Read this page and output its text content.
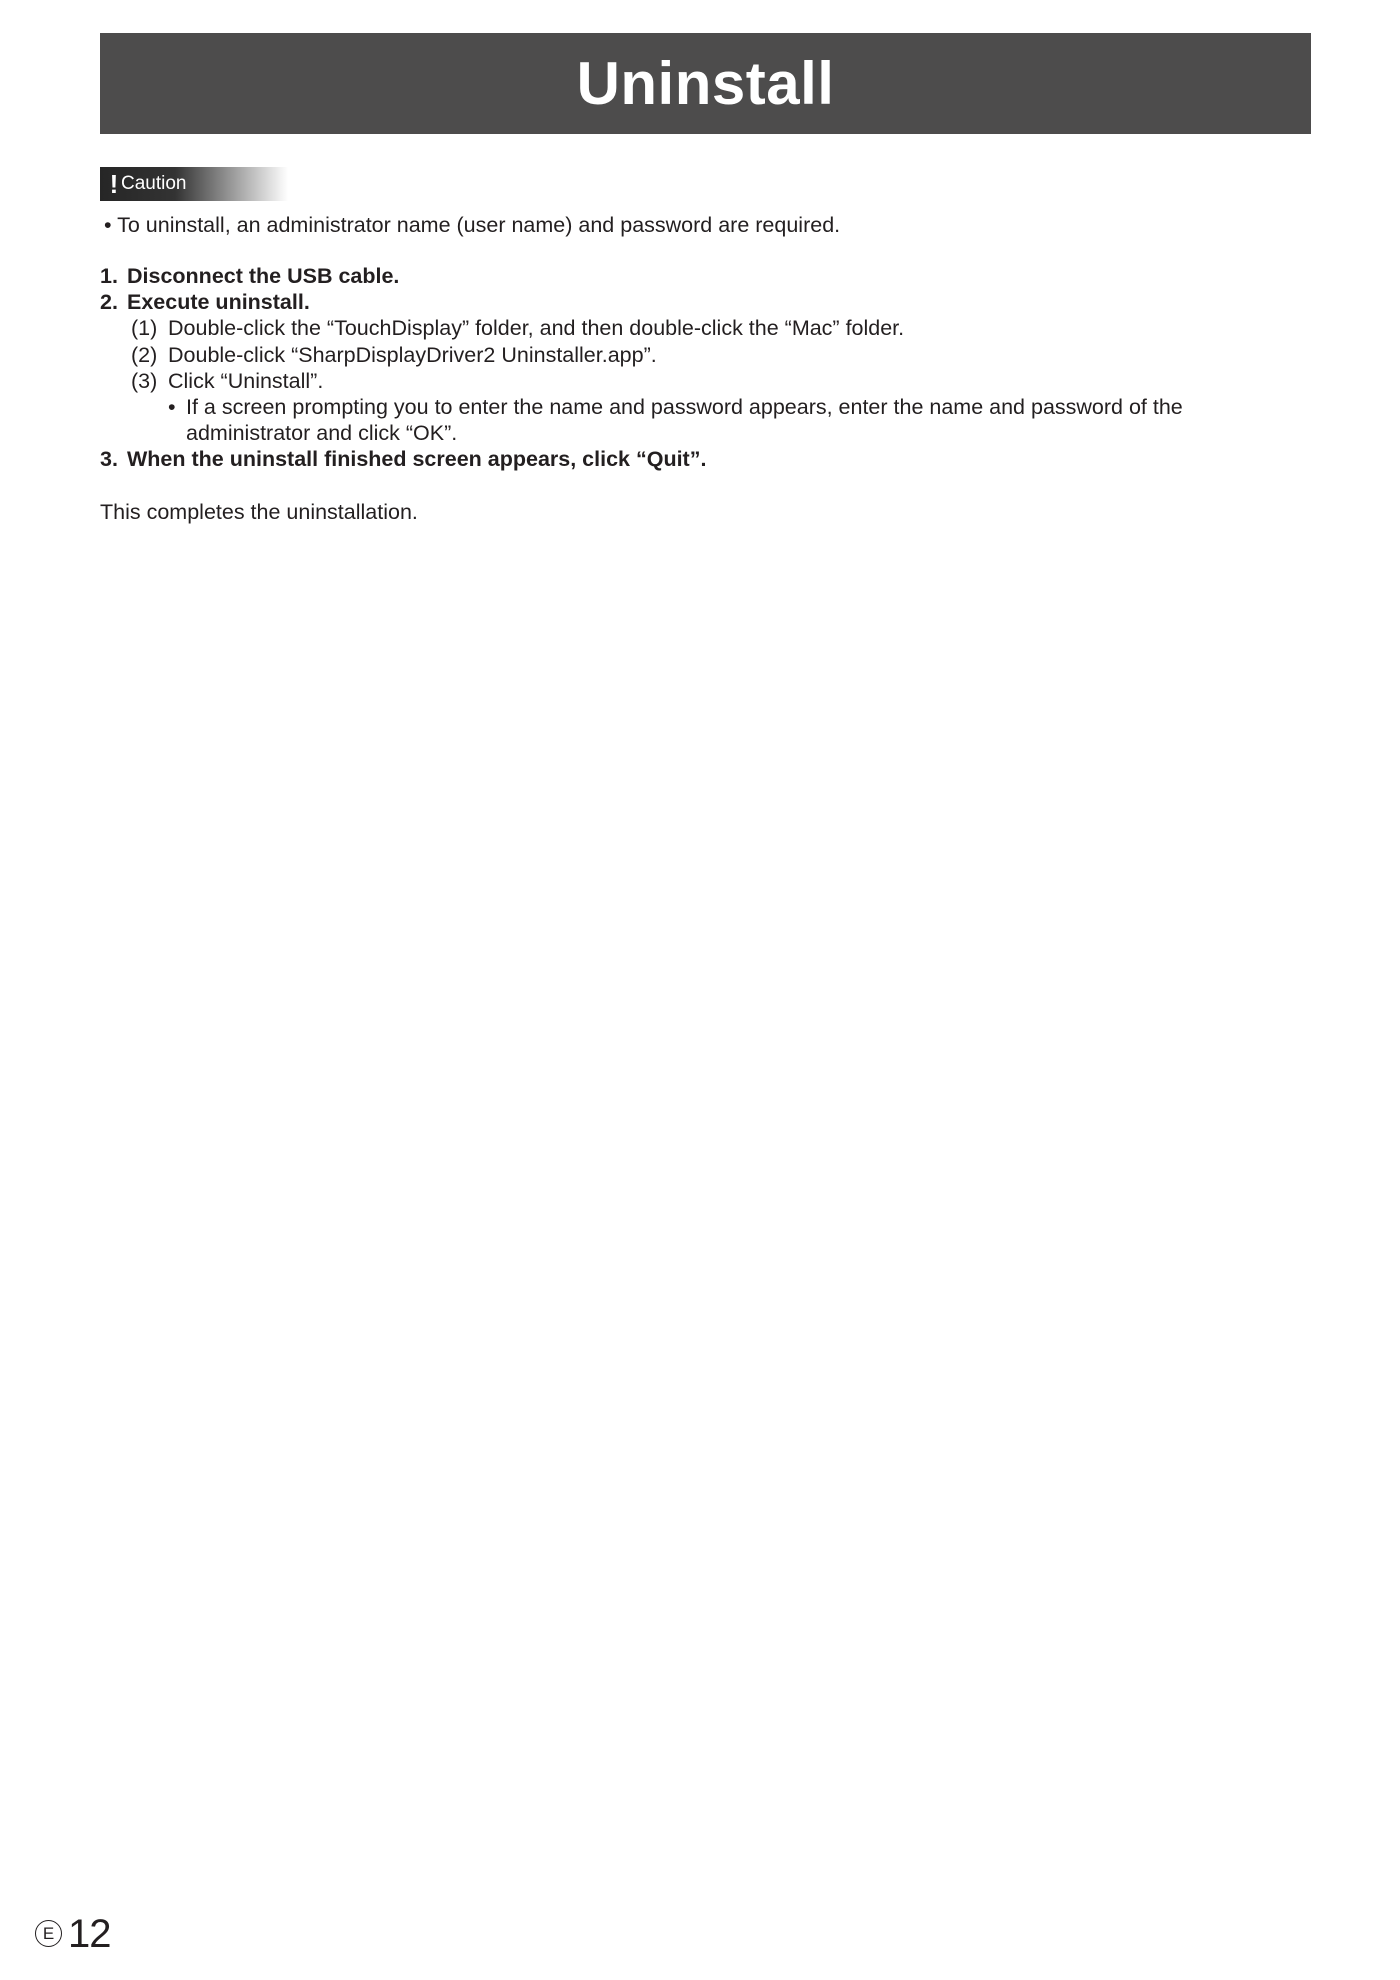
Uninstall
! Caution
• To uninstall, an administrator name (user name) and password are required.
1. Disconnect the USB cable.
2. Execute uninstall.
(1) Double-click the “TouchDisplay” folder, and then double-click the “Mac” folder.
(2) Double-click “SharpDisplayDriver2 Uninstaller.app”.
(3) Click “Uninstall”.
• If a screen prompting you to enter the name and password appears, enter the name and password of the administrator and click “OK”.
3. When the uninstall finished screen appears, click “Quit”.
This completes the uninstallation.
E 12
